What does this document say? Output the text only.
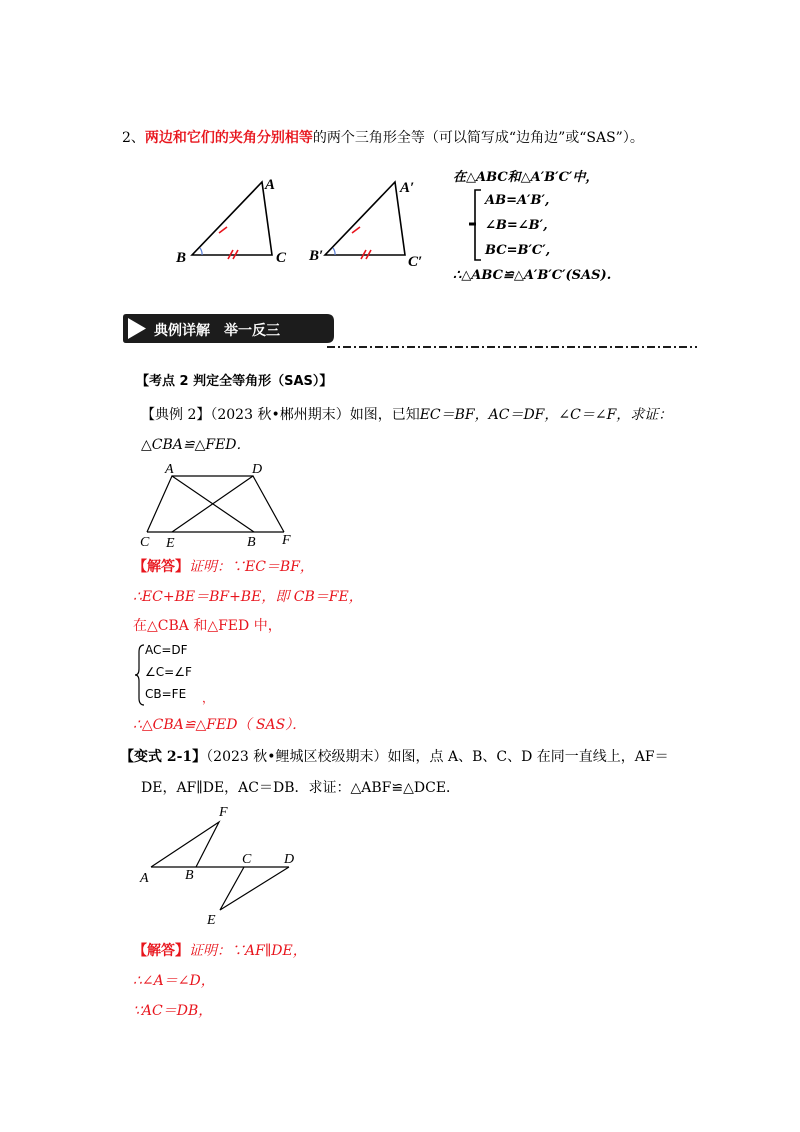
2、两边和它们的夹角分别相等的两个三角形全等（可以简写成“边角边”或“SAS”）。
A
B	C
A′
B′	C′
在△ABC和△A′B′C′中，
AB=A′B′,
∠B=∠B′,
BC=B′C′,
∴△ABC≌△A′B′C′(SAS).
典例详解　举一反三
【考点 2 判定全等角形（SAS）】
【典例 2】（2023 秋•郴州期末）如图，已知EC＝BF，AC＝DF，∠C＝∠F，求证：
△CBA≌△FED．
A	D
C E	B F
【解答】证明：∵EC＝BF，
∴EC+BE＝BF+BE，即 CB＝FE，
在△CBA 和△FED 中，
AC=DF
∠C=∠F
CB=FE ，
∴△CBA≌△FED（ SAS）．
【变式 2-1】（2023 秋•鲤城区校级期末）如图，点 A、B、C、D 在同一直线上，AF＝
DE，AF∥DE，AC＝DB．求证：△ABF≌△DCE．
F
A	B
C D
E
【解答】证明：∵AF∥DE，
∴∠A＝∠D，
∵AC＝DB，
